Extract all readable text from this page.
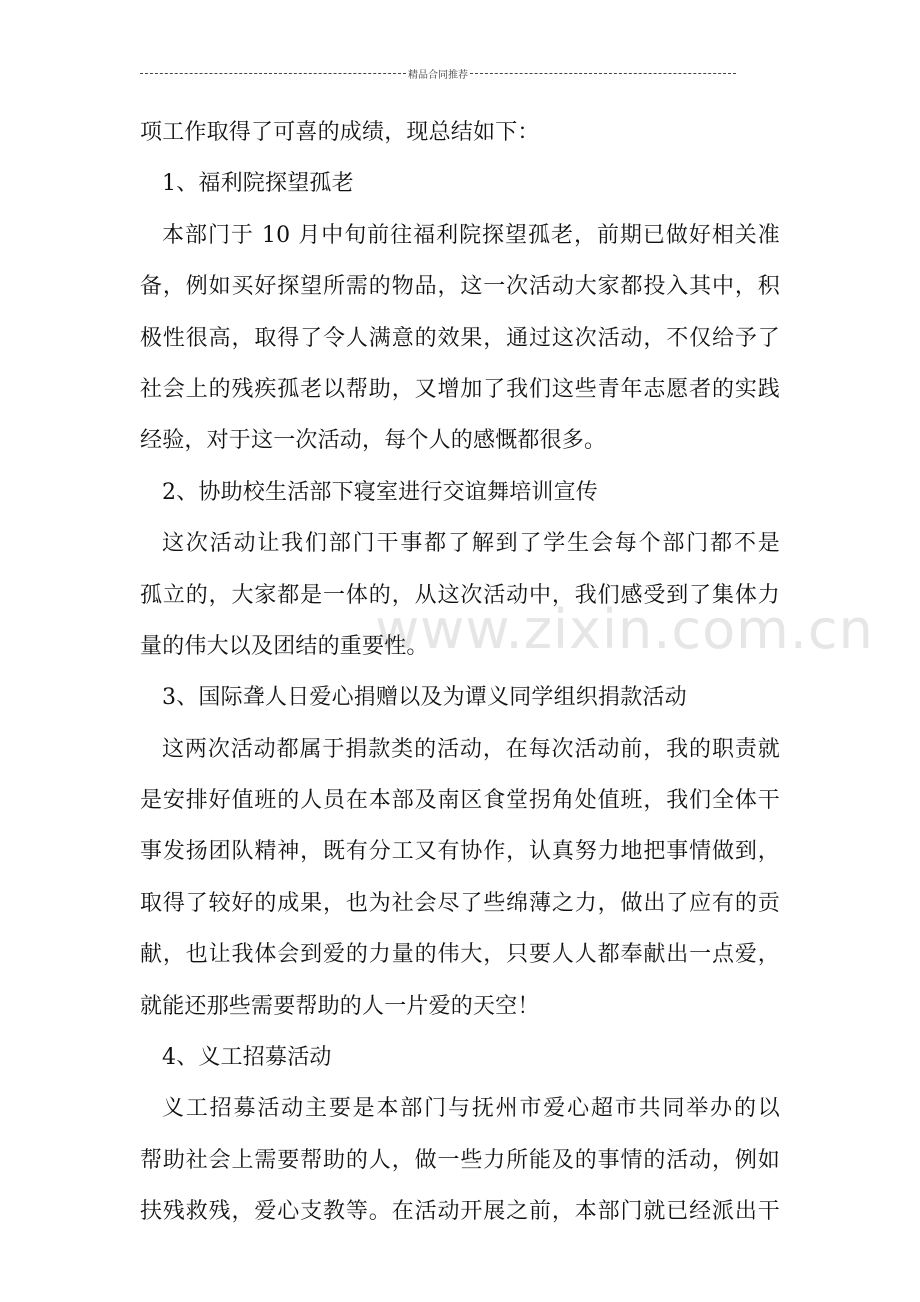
精品合同推荐
www.zixin.com.cn
项工作取得了可喜的成绩，现总结如下：
1、福利院探望孤老
本部门于 10 月中旬前往福利院探望孤老，前期已做好相关准
备，例如买好探望所需的物品，这一次活动大家都投入其中，积
极性很高，取得了令人满意的效果，通过这次活动，不仅给予了
社会上的残疾孤老以帮助，又增加了我们这些青年志愿者的实践
经验，对于这一次活动，每个人的感慨都很多。
2、协助校生活部下寝室进行交谊舞培训宣传
这次活动让我们部门干事都了解到了学生会每个部门都不是
孤立的，大家都是一体的，从这次活动中，我们感受到了集体力
量的伟大以及团结的重要性。
3、国际聋人日爱心捐赠以及为谭义同学组织捐款活动
这两次活动都属于捐款类的活动，在每次活动前，我的职责就
是安排好值班的人员在本部及南区食堂拐角处值班，我们全体干
事发扬团队精神，既有分工又有协作，认真努力地把事情做到，
取得了较好的成果，也为社会尽了些绵薄之力，做出了应有的贡
献，也让我体会到爱的力量的伟大，只要人人都奉献出一点爱，
就能还那些需要帮助的人一片爱的天空！
4、义工招募活动
义工招募活动主要是本部门与抚州市爱心超市共同举办的以
帮助社会上需要帮助的人，做一些力所能及的事情的活动，例如
扶残救残，爱心支教等。在活动开展之前，本部门就已经派出干
